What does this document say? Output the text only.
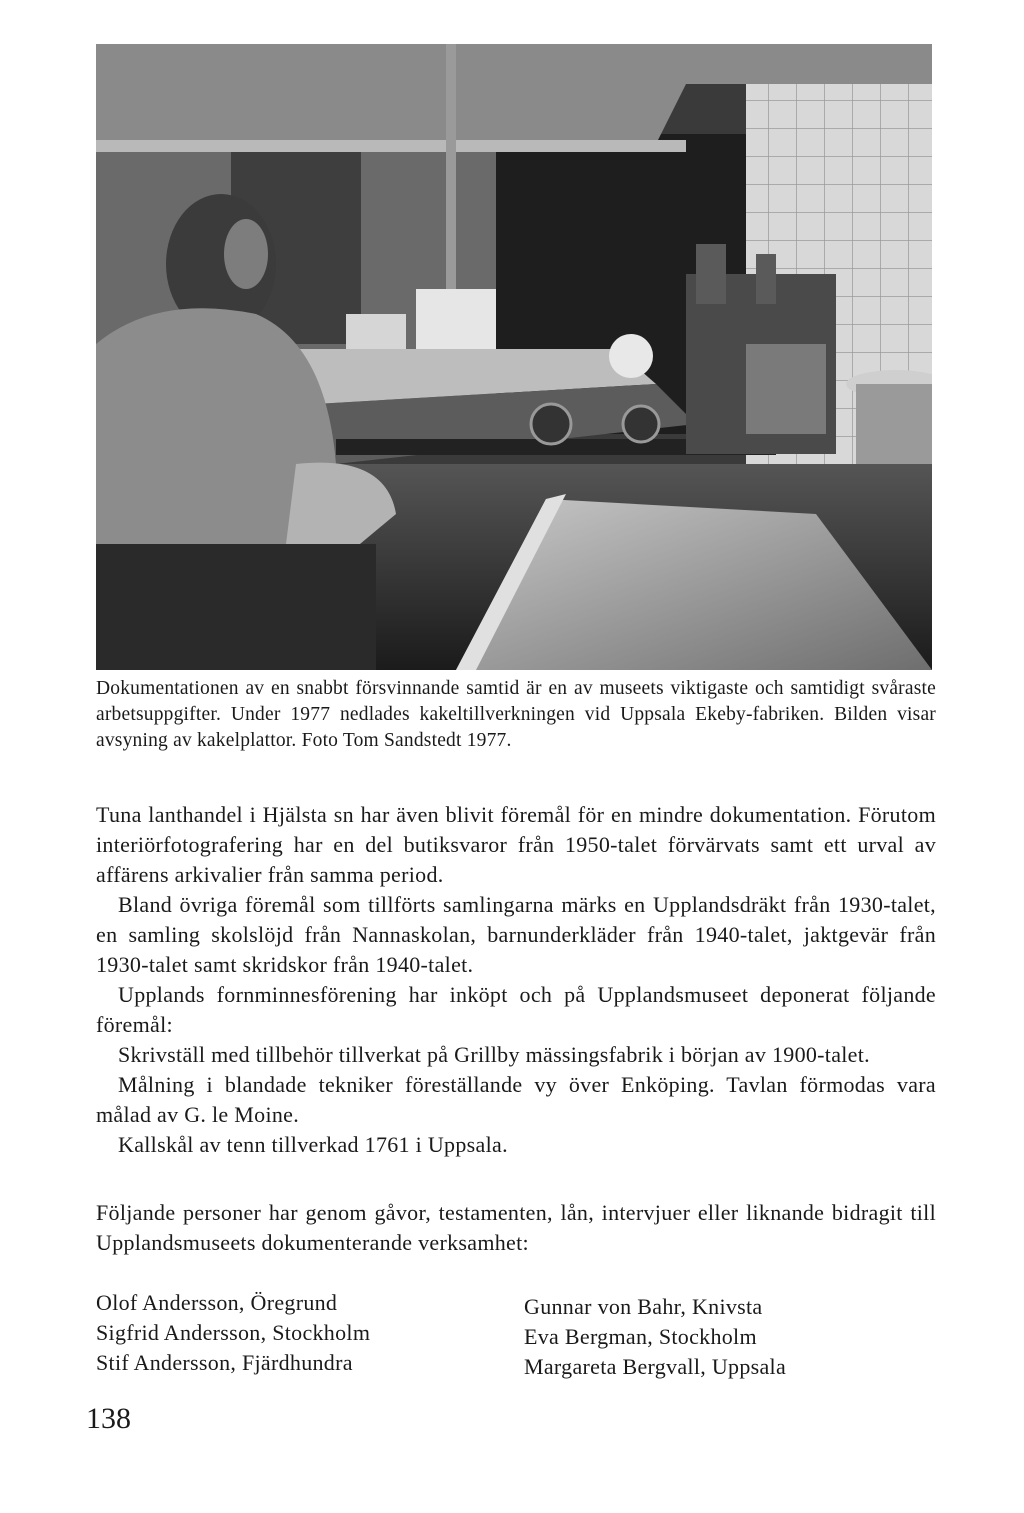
Dokumentationen av en snabbt försvinnande samtid är en av museets viktigaste och samtidigt svåraste arbetsuppgifter. Under 1977 nedlades kakeltillverkningen vid Uppsala Ekeby-fabriken. Bilden visar avsyning av kakelplattor. Foto Tom Sandstedt 1977.

Tuna lanthandel i Hjälsta sn har även blivit föremål för en mindre dokumentation. Förutom interiörfotografering har en del butiksvaror från 1950-talet förvärvats samt ett urval av affärens arkivalier från samma period.

Bland övriga föremål som tillförts samlingarna märks en Upplandsdräkt från 1930-talet, en samling skolslöjd från Nannaskolan, barnunderkläder från 1940-talet, jaktgevär från 1930-talet samt skridskor från 1940-talet.

Upplands fornminnesförening har inköpt och på Upplandsmuseet deponerat följande föremål:

Skrivställ med tillbehör tillverkat på Grillby mässingsfabrik i början av 1900-talet.

Målning i blandade tekniker föreställande vy över Enköping. Tavlan förmodas vara målad av G. le Moine.

Kallskål av tenn tillverkad 1761 i Uppsala.

Följande personer har genom gåvor, testamenten, lån, intervjuer eller liknande bidragit till Upplandsmuseets dokumenterande verksamhet:

Olof Andersson, Öregrund
Sigfrid Andersson, Stockholm
Stif Andersson, Fjärdhundra
Gunnar von Bahr, Knivsta
Eva Bergman, Stockholm
Margareta Bergvall, Uppsala
138
